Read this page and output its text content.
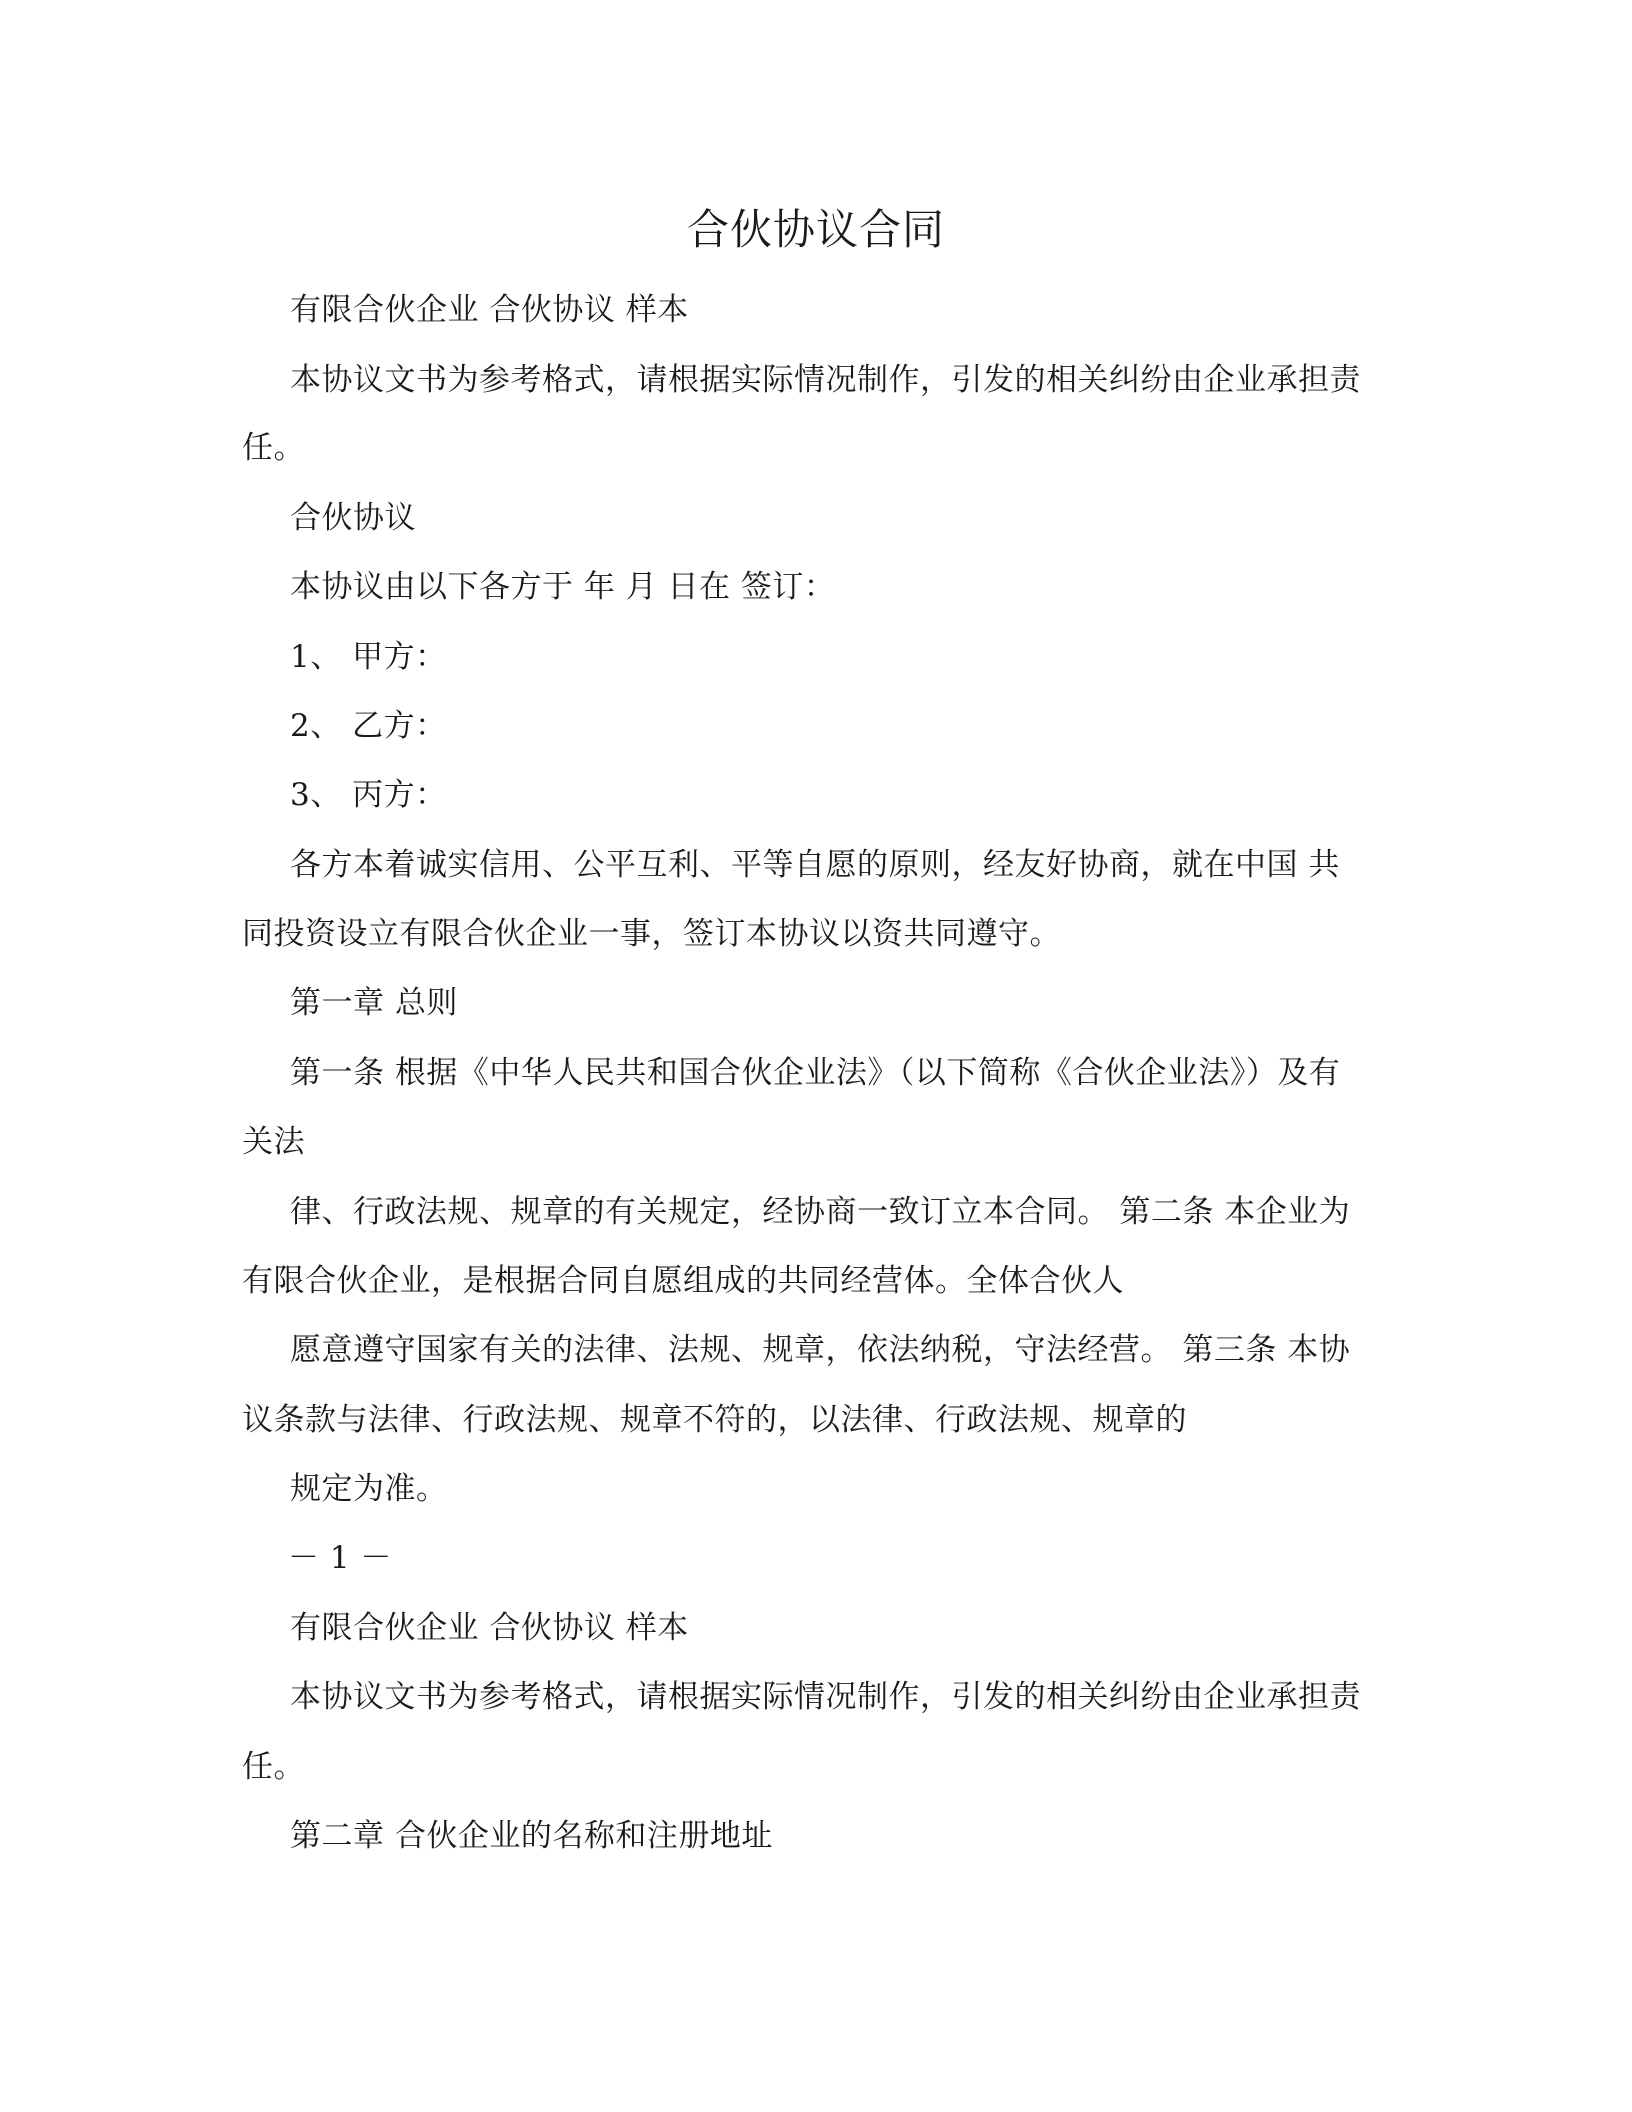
合伙协议合同
有限合伙企业 合伙协议 样本
本协议文书为参考格式，请根据实际情况制作，引发的相关纠纷由企业承担责
任。
合伙协议
本协议由以下各方于 年 月 日在 签订：
1、 甲方：
2、 乙方：
3、 丙方：
各方本着诚实信用、公平互利、平等自愿的原则，经友好协商，就在中国 共
同投资设立有限合伙企业一事，签订本协议以资共同遵守。
第一章 总则
第一条 根据《中华人民共和国合伙企业法》（以下简称《合伙企业法》）及有
关法
律、行政法规、规章的有关规定，经协商一致订立本合同。 第二条 本企业为
有限合伙企业，是根据合同自愿组成的共同经营体。全体合伙人
愿意遵守国家有关的法律、法规、规章，依法纳税，守法经营。 第三条 本协
议条款与法律、行政法规、规章不符的，以法律、行政法规、规章的
规定为准。
－ 1 －
有限合伙企业 合伙协议 样本
本协议文书为参考格式，请根据实际情况制作，引发的相关纠纷由企业承担责
任。
第二章 合伙企业的名称和注册地址
